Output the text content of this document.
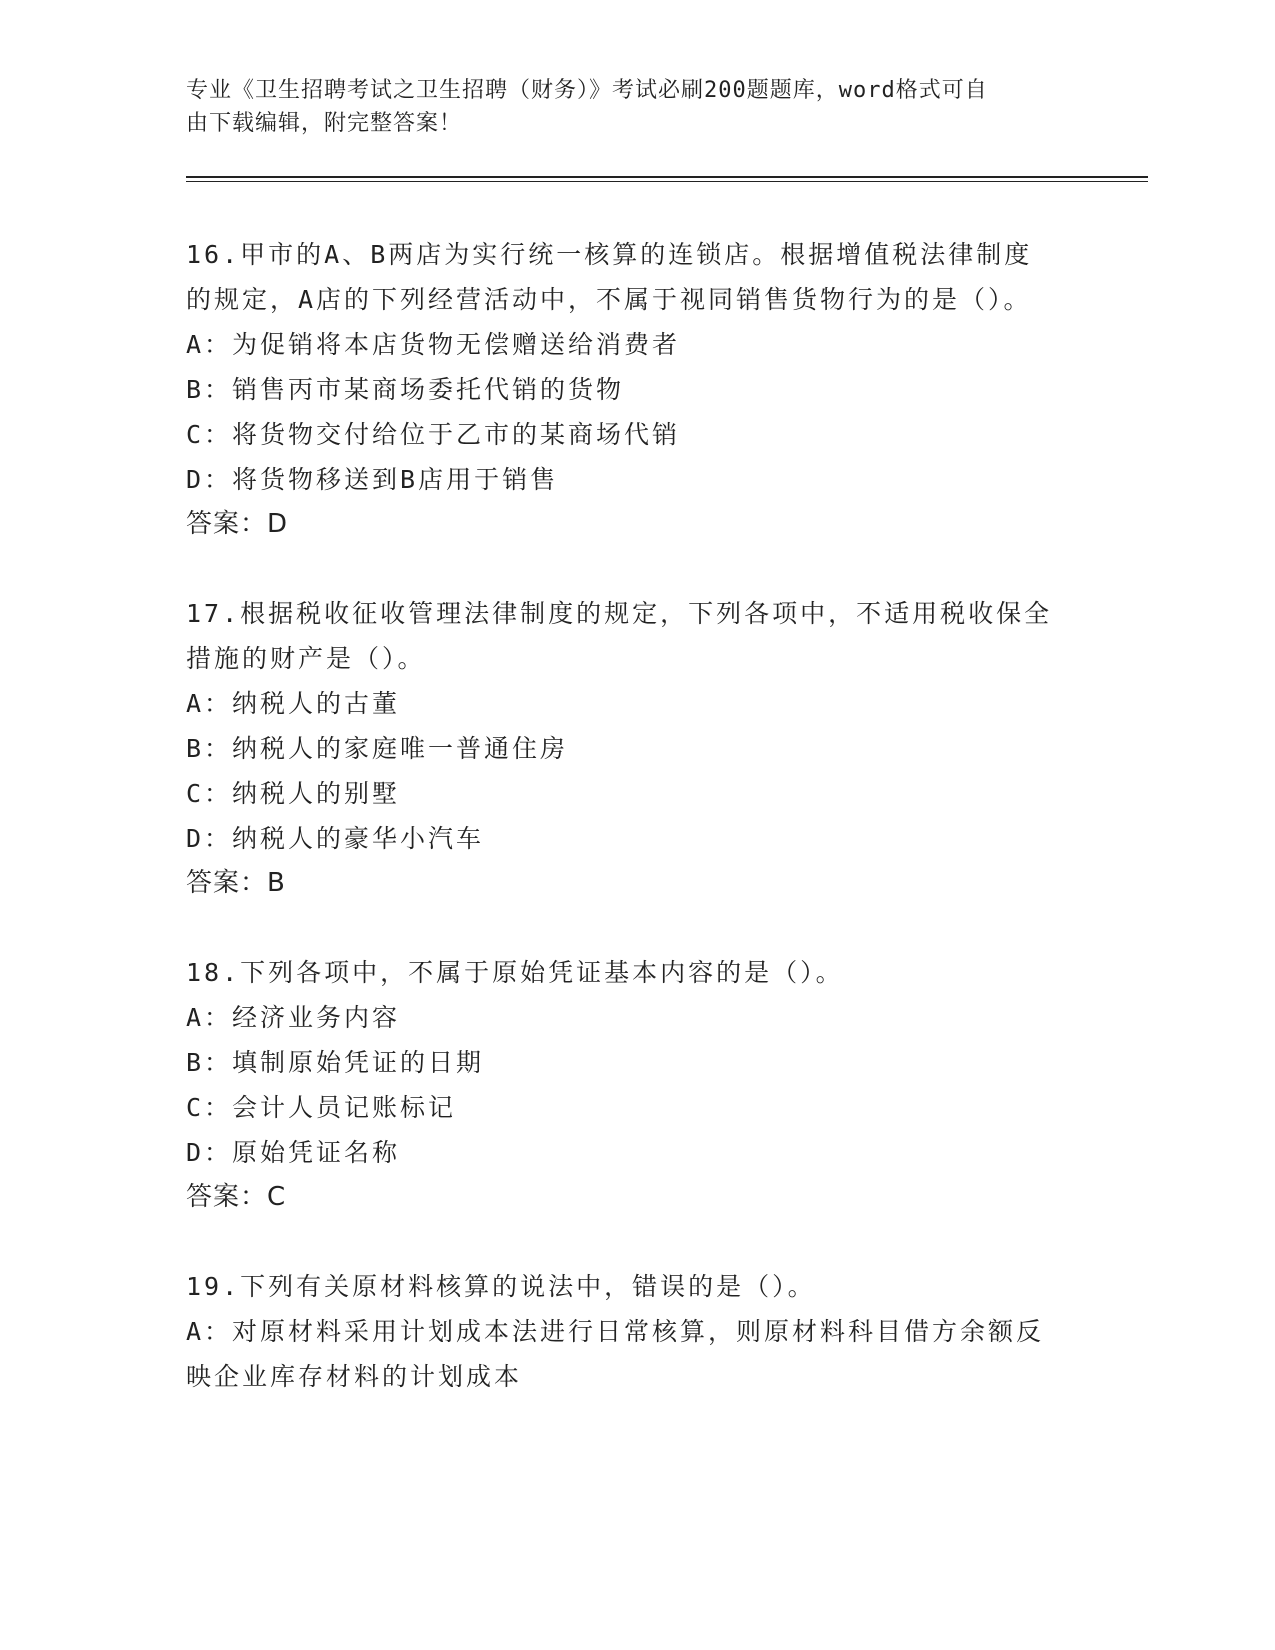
专业《卫生招聘考试之卫生招聘（财务）》考试必刷200题题库，word格式可自

由下载编辑，附完整答案！

16.甲市的A、B两店为实行统一核算的连锁店。根据增值税法律制度
的规定，A店的下列经营活动中，不属于视同销售货物行为的是（）。
A：为促销将本店货物无偿赠送给消费者
B：销售丙市某商场委托代销的货物
C：将货物交付给位于乙市的某商场代销
D：将货物移送到B店用于销售
答案：D
17.根据税收征收管理法律制度的规定，下列各项中，不适用税收保全
措施的财产是（）。
A：纳税人的古董
B：纳税人的家庭唯一普通住房
C：纳税人的别墅
D：纳税人的豪华小汽车
答案：B
18.下列各项中，不属于原始凭证基本内容的是（）。
A：经济业务内容
B：填制原始凭证的日期
C：会计人员记账标记
D：原始凭证名称
答案：C
19.下列有关原材料核算的说法中，错误的是（）。
A：对原材料采用计划成本法进行日常核算，则原材料科目借方余额反
映企业库存材料的计划成本
